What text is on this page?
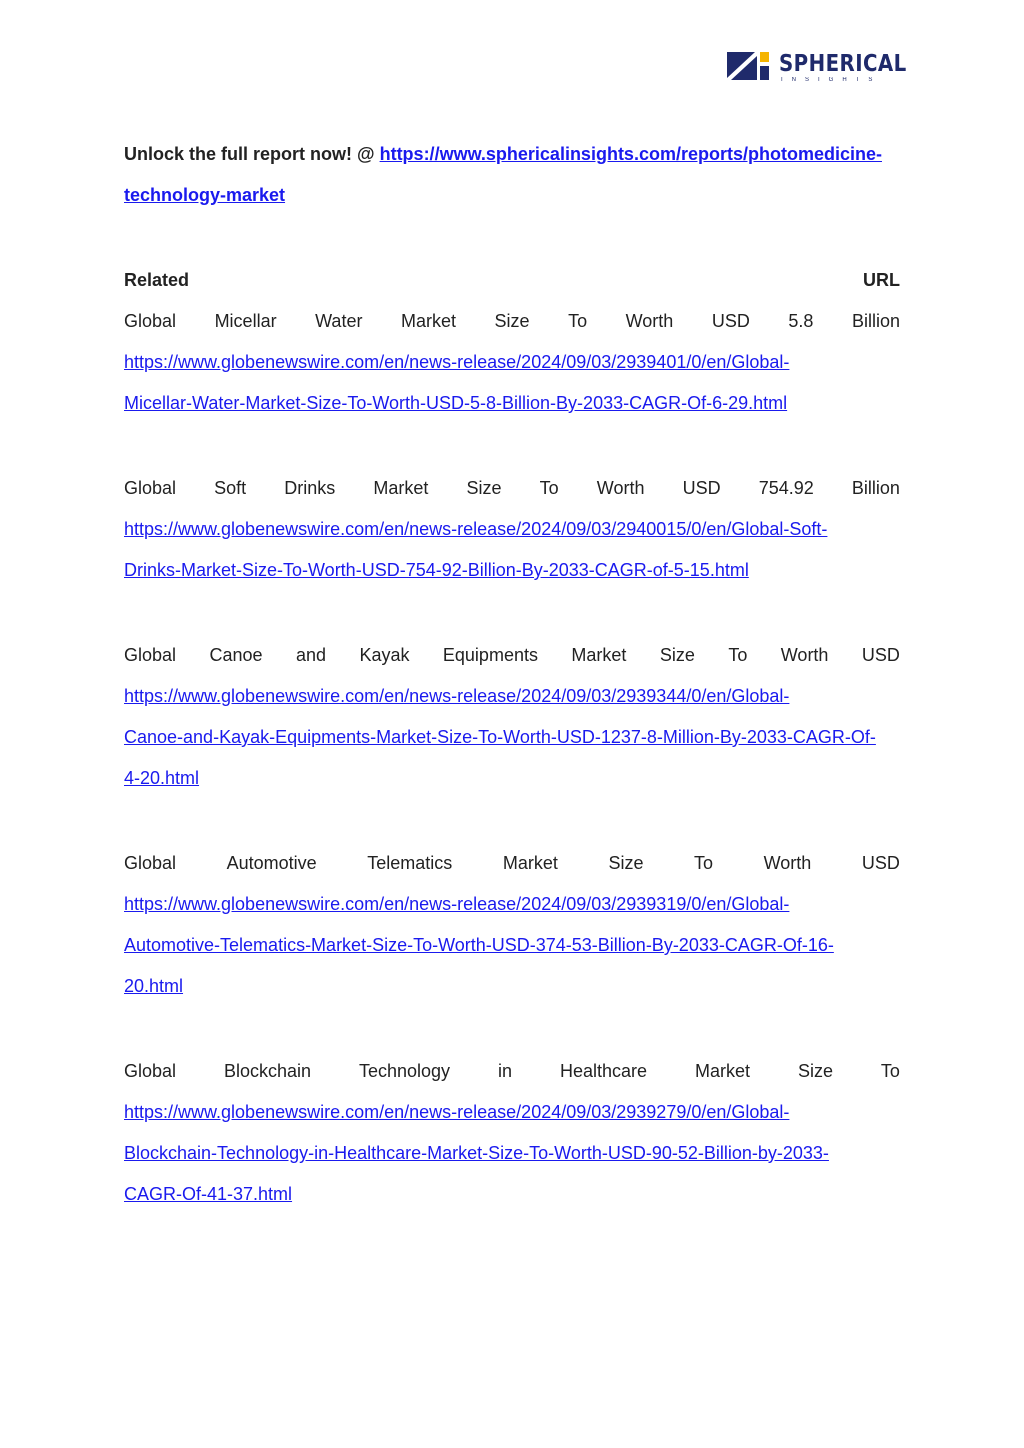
SPHERICAL
INSIGHTS

Unlock the full report now! @ https://www.sphericalinsights.com/reports/photomedicine-
technology-market

Related	URL
Global Micellar Water Market Size To Worth USD 5.8 Billion
https://www.globenewswire.com/en/news-release/2024/09/03/2939401/0/en/Global-
Micellar-Water-Market-Size-To-Worth-USD-5-8-Billion-By-2033-CAGR-Of-6-29.html
Global Soft Drinks Market Size To Worth USD 754.92 Billion
https://www.globenewswire.com/en/news-release/2024/09/03/2940015/0/en/Global-Soft-
Drinks-Market-Size-To-Worth-USD-754-92-Billion-By-2033-CAGR-of-5-15.html
Global Canoe and Kayak Equipments Market Size To Worth USD
https://www.globenewswire.com/en/news-release/2024/09/03/2939344/0/en/Global-
Canoe-and-Kayak-Equipments-Market-Size-To-Worth-USD-1237-8-Million-By-2033-CAGR-Of-
4-20.html
Global	Automotive	Telematics	Market	Size	To	Worth	USD
https://www.globenewswire.com/en/news-release/2024/09/03/2939319/0/en/Global-
Automotive-Telematics-Market-Size-To-Worth-USD-374-53-Billion-By-2033-CAGR-Of-16-
20.html
Global	Blockchain	Technology	in	Healthcare	Market	Size	To
https://www.globenewswire.com/en/news-release/2024/09/03/2939279/0/en/Global-
Blockchain-Technology-in-Healthcare-Market-Size-To-Worth-USD-90-52-Billion-by-2033-
CAGR-Of-41-37.html
